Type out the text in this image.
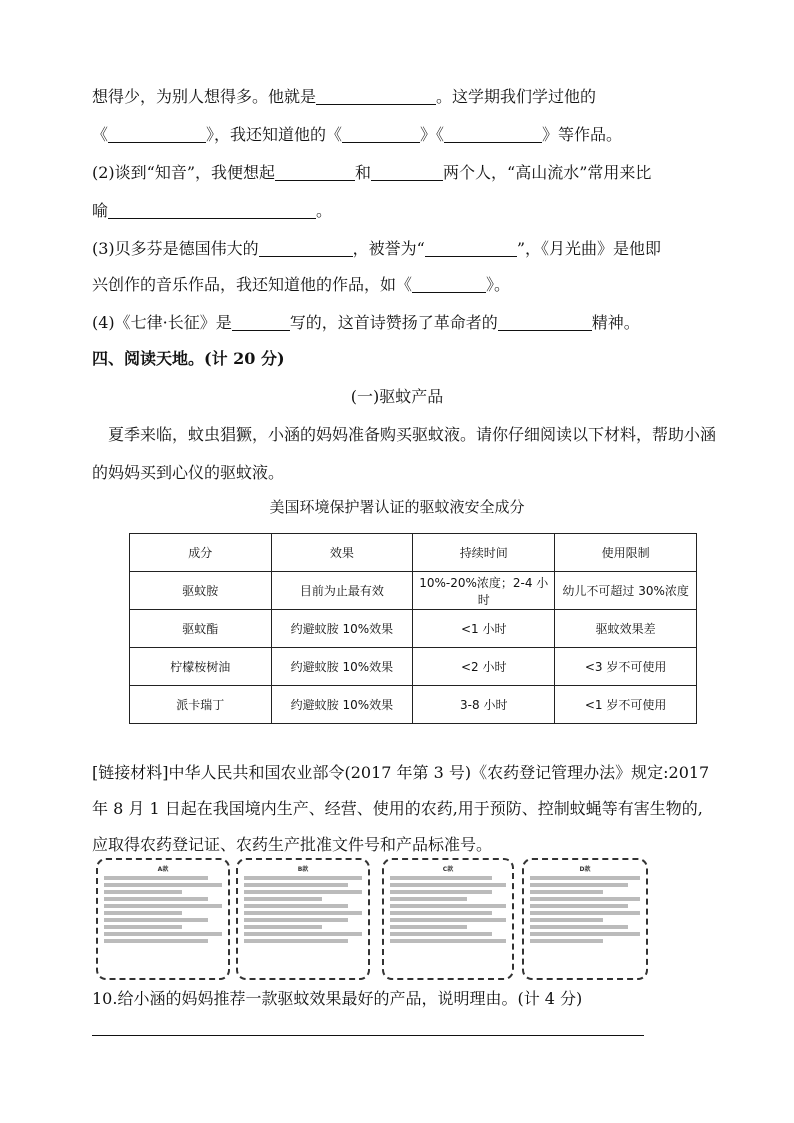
想得少，为别人想得多。他就是	。这学期我们学过他的
《	》，我还知道他的《	》《	》等作品。
(2)谈到“知音”，我便想起	和	两个人，“高山流水”常用来比
喻	。
(3)贝多芬是德国伟大的	，被誉为“	”，《月光曲》是他即
兴创作的音乐作品，我还知道他的作品，如《	》。
(4)《七律·长征》是	写的，这首诗赞扬了革命者的	精神。
四、阅读天地。(计 20 分)
(一)驱蚊产品
夏季来临，蚊虫猖獗，小涵的妈妈准备购买驱蚊液。请你仔细阅读以下材料，帮助小涵
的妈妈买到心仪的驱蚊液。
美国环境保护署认证的驱蚊液安全成分
成分	效果	持续时间	使用限制
驱蚊胺	目前为止最有效	10%-20%浓度；2-4 小时	幼儿不可超过 30%浓度
驱蚊酯	约避蚊胺 10%效果	<1 小时	驱蚊效果差
柠檬桉树油	约避蚊胺 10%效果	<2 小时	<3 岁不可使用
派卡瑞丁	约避蚊胺 10%效果	3-8 小时	<1 岁不可使用
[链接材料]中华人民共和国农业部令(2017 年第 3 号)《农药登记管理办法》规定:2017
年 8 月 1 日起在我国境内生产、经营、使用的农药,用于预防、控制蚊蝇等有害生物的,
应取得农药登记证、农药生产批准文件号和产品标准号。
A款	B款	C款	D款
10.给小涵的妈妈推荐一款驱蚊效果最好的产品，说明理由。(计 4 分)
